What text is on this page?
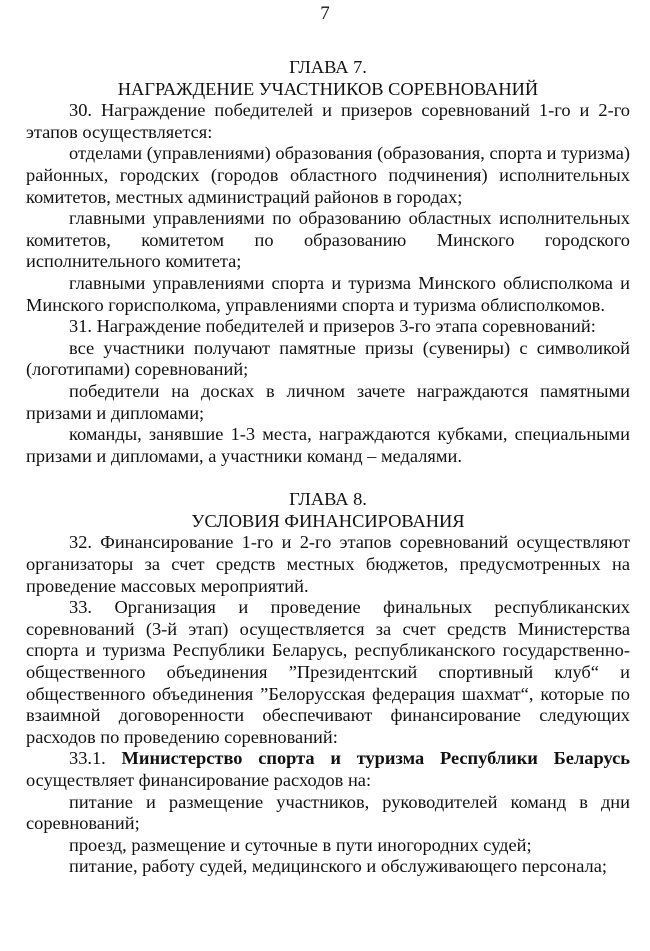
7

ГЛАВА 7.

НАГРАЖДЕНИЕ УЧАСТНИКОВ СОРЕВНОВАНИЙ

30. Награждение победителей и призеров соревнований 1-го и 2-го этапов осуществляется:

отделами (управлениями) образования (образования, спорта и туризма) районных, городских (городов областного подчинения) исполнительных комитетов, местных администраций районов в городах;

главными управлениями по образованию областных исполнительных комитетов, комитетом по образованию Минского городского исполнительного комитета;

главными управлениями спорта и туризма Минского облисполкома и Минского горисполкома, управлениями спорта и туризма облисполкомов.

31. Награждение победителей и призеров 3-го этапа соревнований:

все участники получают памятные призы (сувениры) с символикой (логотипами) соревнований;

победители на досках в личном зачете награждаются памятными призами и дипломами;

команды, занявшие 1-3 места, награждаются кубками, специальными призами и дипломами, а участники команд – медалями.

ГЛАВА 8.

УСЛОВИЯ ФИНАНСИРОВАНИЯ

32. Финансирование 1-го и 2-го этапов соревнований осуществляют организаторы за счет средств местных бюджетов, предусмотренных на проведение массовых мероприятий.

33. Организация и проведение финальных республиканских соревнований (3-й этап) осуществляется за счет средств Министерства спорта и туризма Республики Беларусь, республиканского государственно-общественного объединения ”Президентский спортивный клуб“ и общественного объединения ”Белорусская федерация шахмат“, которые по взаимной договоренности обеспечивают финансирование следующих расходов по проведению соревнований:

33.1. Министерство спорта и туризма Республики Беларусь осуществляет финансирование расходов на:

питание и размещение участников, руководителей команд в дни соревнований;

проезд, размещение и суточные в пути иногородних судей;

питание, работу судей, медицинского и обслуживающего персонала;
